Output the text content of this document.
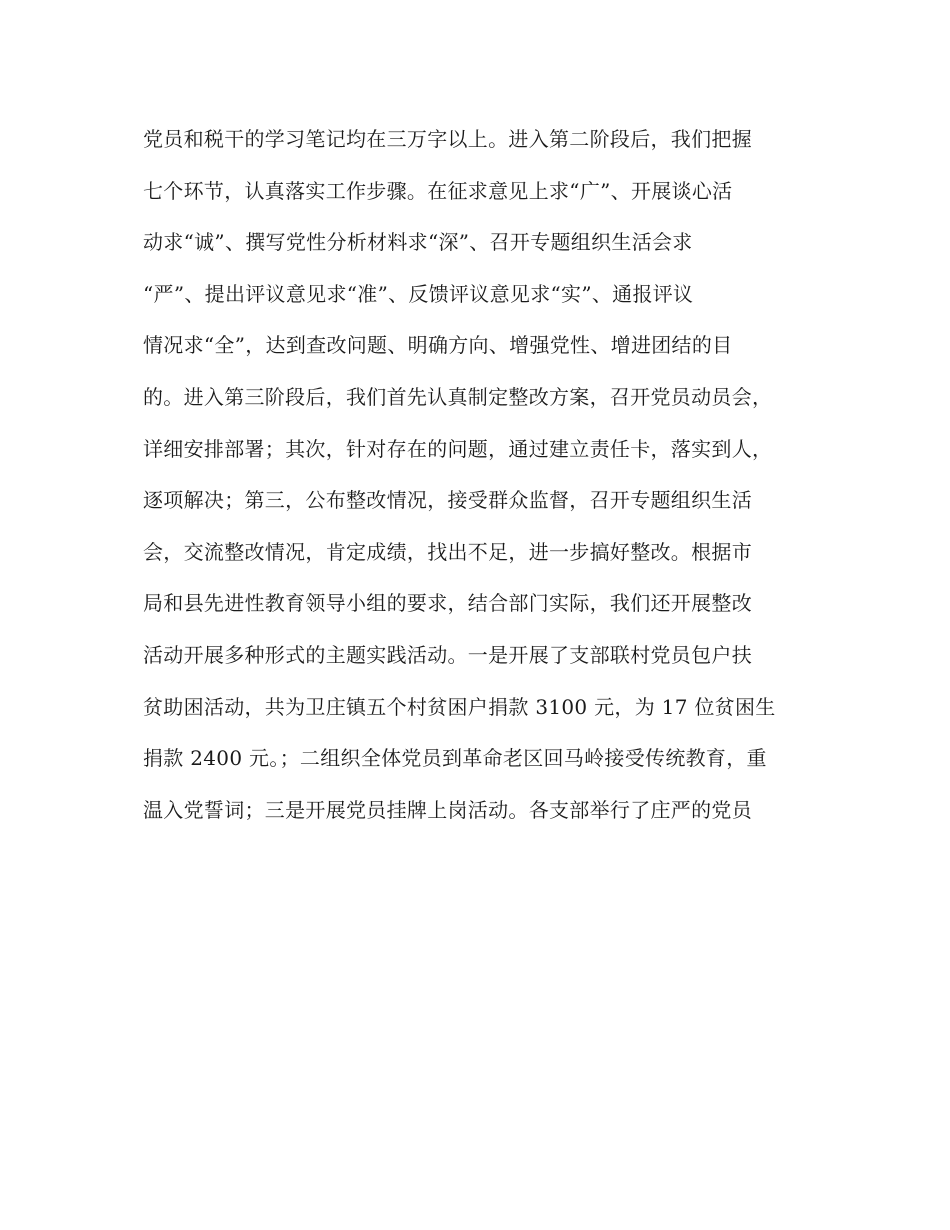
党员和税干的学习笔记均在三万字以上。进入第二阶段后，我们把握
七个环节，认真落实工作步骤。在征求意见上求“广”、开展谈心活
动求“诚”、撰写党性分析材料求“深”、召开专题组织生活会求
“严”、提出评议意见求“准”、反馈评议意见求“实”、通报评议
情况求“全”，达到查改问题、明确方向、增强党性、增进团结的目
的。进入第三阶段后，我们首先认真制定整改方案，召开党员动员会，
详细安排部署；其次，针对存在的问题，通过建立责任卡，落实到人，
逐项解决；第三，公布整改情况，接受群众监督，召开专题组织生活
会，交流整改情况，肯定成绩，找出不足，进一步搞好整改。根据市
局和县先进性教育领导小组的要求，结合部门实际，我们还开展整改
活动开展多种形式的主题实践活动。一是开展了支部联村党员包户扶
贫助困活动，共为卫庄镇五个村贫困户捐款 3100 元，为 17 位贫困生
捐款 2400 元。；二组织全体党员到革命老区回马岭接受传统教育，重
温入党誓词；三是开展党员挂牌上岗活动。各支部举行了庄严的党员
